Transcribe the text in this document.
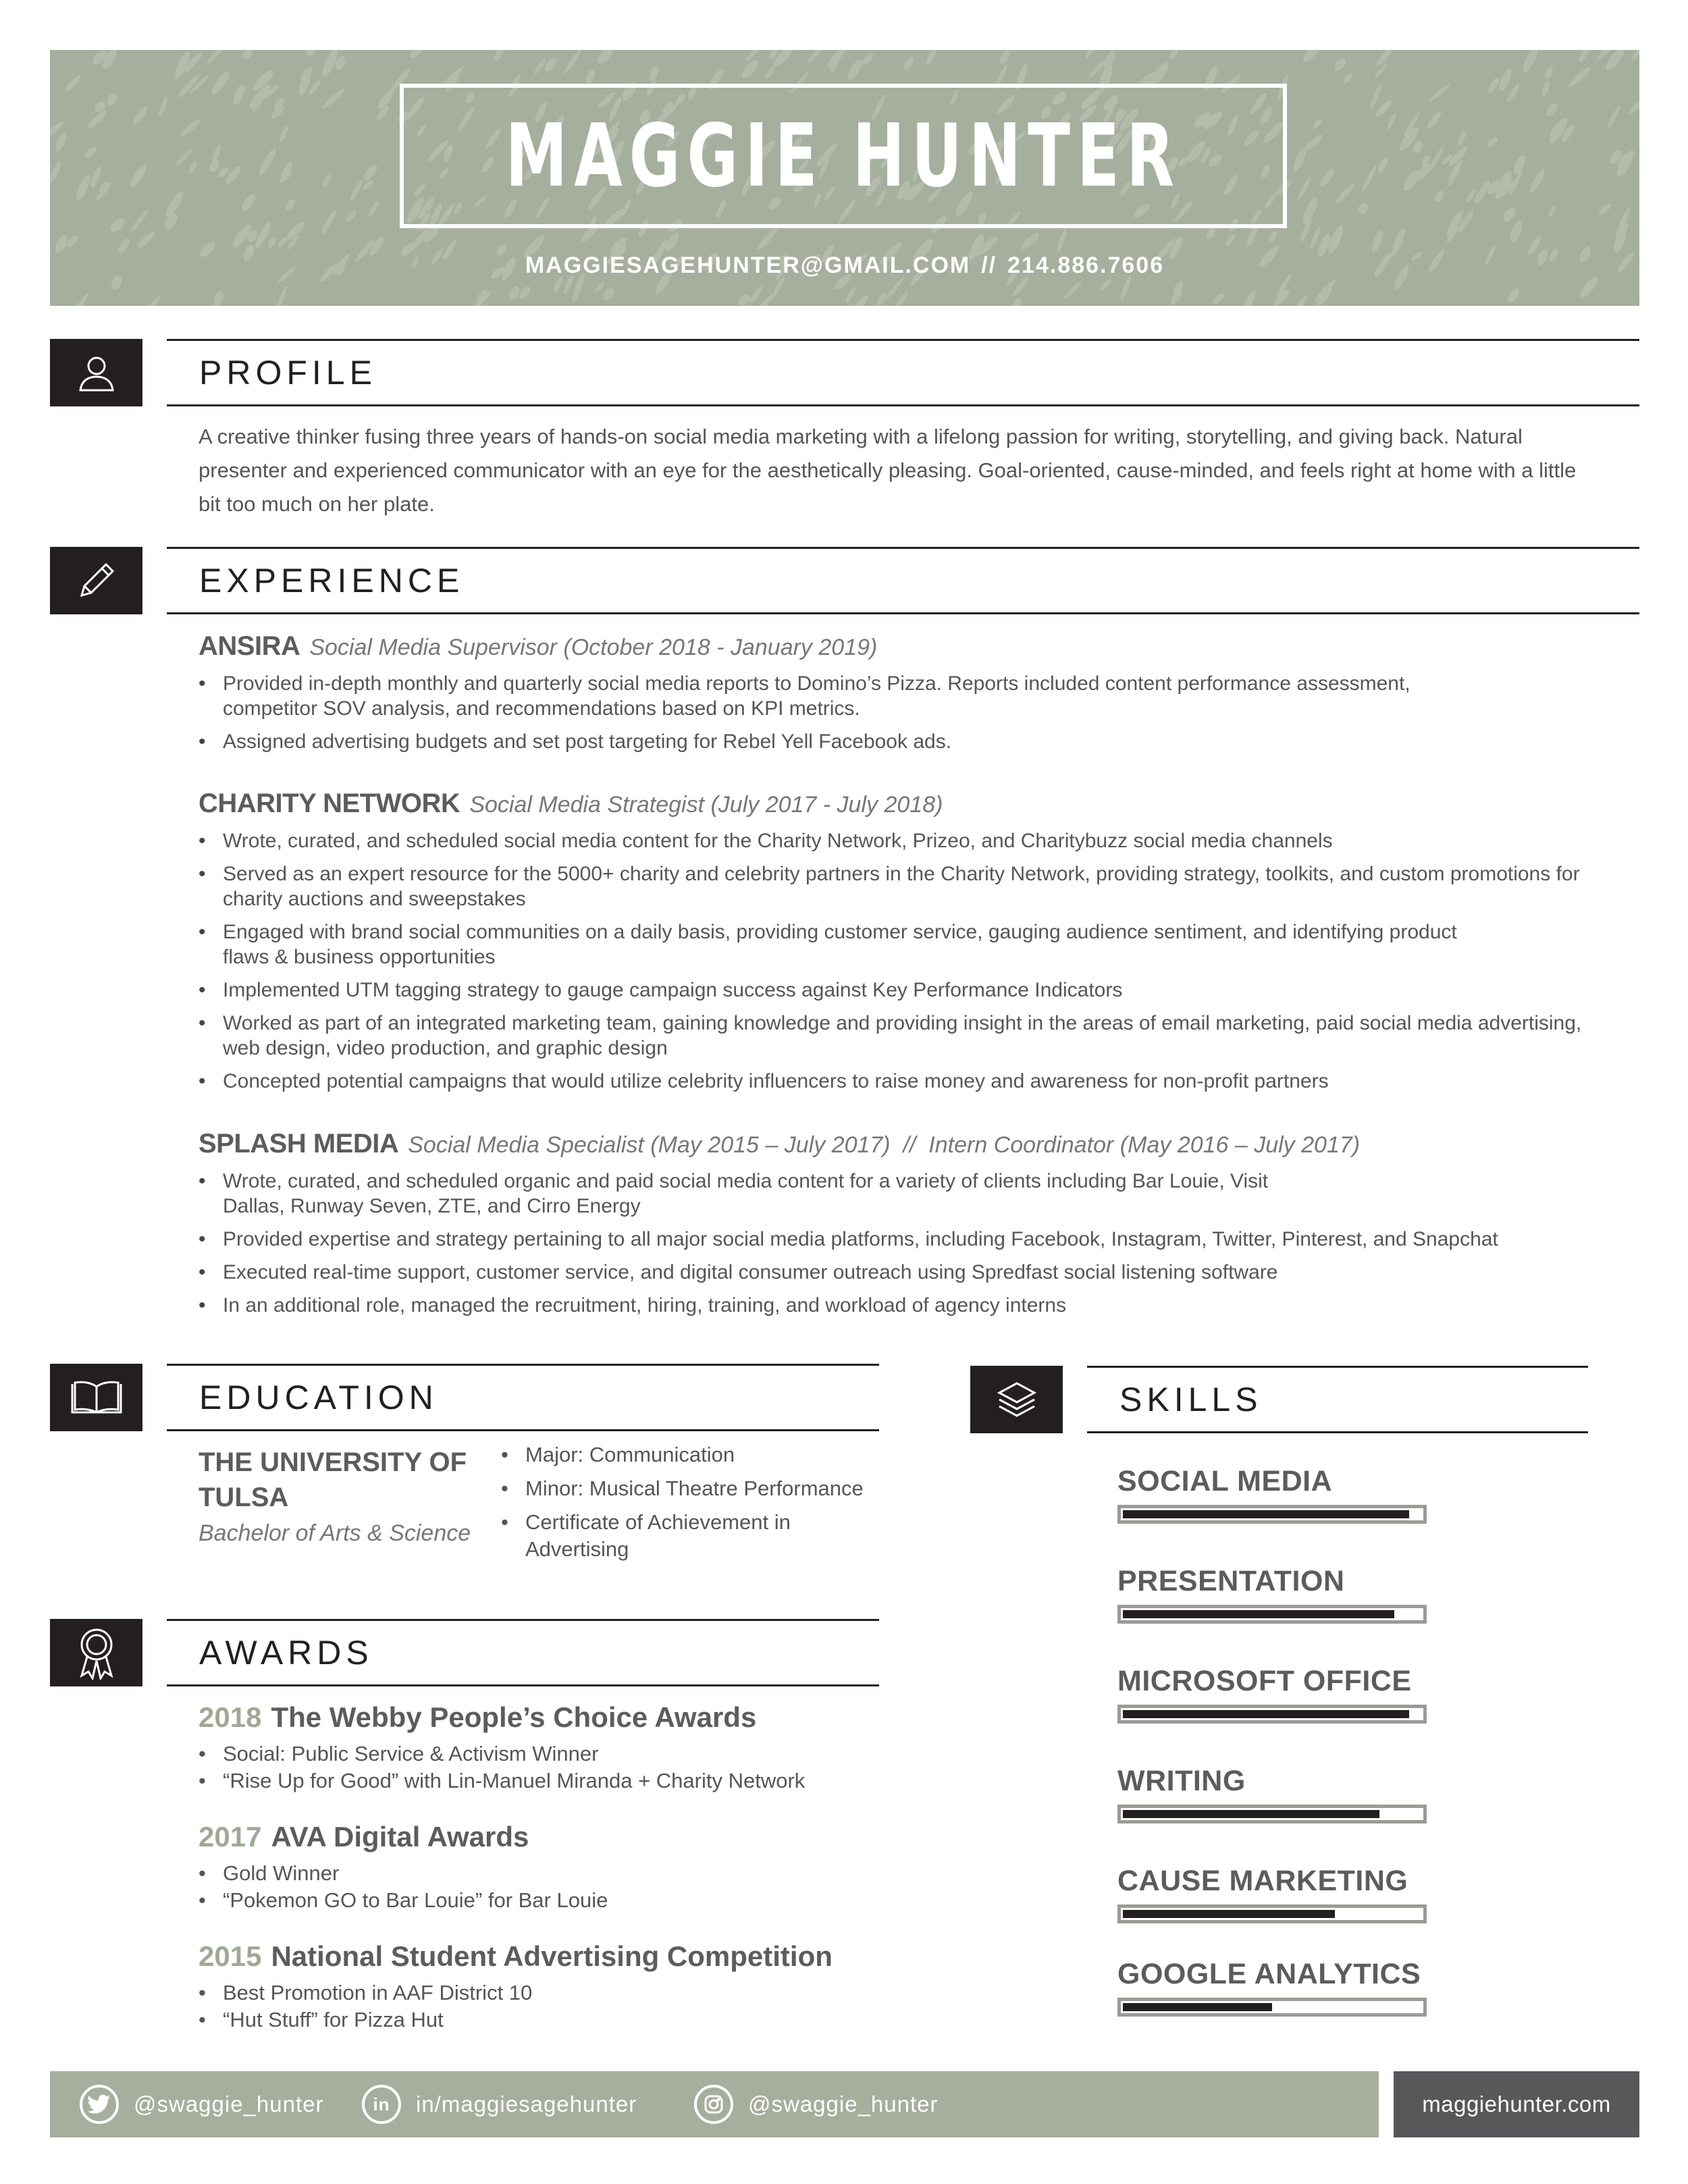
MAGGIE HUNTER
MAGGIESAGEHUNTER@GMAIL.COM // 214.886.7606
PROFILE
A creative thinker fusing three years of hands-on social media marketing with a lifelong passion for writing, storytelling, and giving back. Natural presenter and experienced communicator with an eye for the aesthetically pleasing. Goal-oriented, cause-minded, and feels right at home with a little bit too much on her plate.
EXPERIENCE
ANSIRA Social Media Supervisor (October 2018 - January 2019)
• Provided in-depth monthly and quarterly social media reports to Domino’s Pizza. Reports included content performance assessment, competitor SOV analysis, and recommendations based on KPI metrics.
• Assigned advertising budgets and set post targeting for Rebel Yell Facebook ads.
CHARITY NETWORK Social Media Strategist (July 2017 - July 2018)
• Wrote, curated, and scheduled social media content for the Charity Network, Prizeo, and Charitybuzz social media channels
• Served as an expert resource for the 5000+ charity and celebrity partners in the Charity Network, providing strategy, toolkits, and custom promotions for charity auctions and sweepstakes
• Engaged with brand social communities on a daily basis, providing customer service, gauging audience sentiment, and identifying product flaws & business opportunities
• Implemented UTM tagging strategy to gauge campaign success against Key Performance Indicators
• Worked as part of an integrated marketing team, gaining knowledge and providing insight in the areas of email marketing, paid social media advertising, web design, video production, and graphic design
• Concepted potential campaigns that would utilize celebrity influencers to raise money and awareness for non-profit partners
SPLASH MEDIA Social Media Specialist (May 2015 – July 2017)  //  Intern Coordinator (May 2016 – July 2017)
• Wrote, curated, and scheduled organic and paid social media content for a variety of clients including Bar Louie, Visit Dallas, Runway Seven, ZTE, and Cirro Energy
• Provided expertise and strategy pertaining to all major social media platforms, including Facebook, Instagram, Twitter, Pinterest, and Snapchat
• Executed real-time support, customer service, and digital consumer outreach using Spredfast social listening software
• In an additional role, managed the recruitment, hiring, training, and workload of agency interns
EDUCATION
THE UNIVERSITY OF TULSA
Bachelor of Arts & Science
• Major: Communication
• Minor: Musical Theatre Performance
• Certificate of Achievement in Advertising
AWARDS
2018 The Webby People’s Choice Awards
• Social: Public Service & Activism Winner
• “Rise Up for Good” with Lin-Manuel Miranda + Charity Network
2017 AVA Digital Awards
• Gold Winner
• “Pokemon GO to Bar Louie” for Bar Louie
2015 National Student Advertising Competition
• Best Promotion in AAF District 10
• “Hut Stuff” for Pizza Hut
SKILLS
SOCIAL MEDIA
PRESENTATION
MICROSOFT OFFICE
WRITING
CAUSE MARKETING
GOOGLE ANALYTICS
@swaggie_hunter	in	in/maggiesagehunter	@swaggie_hunter	maggiehunter.com
